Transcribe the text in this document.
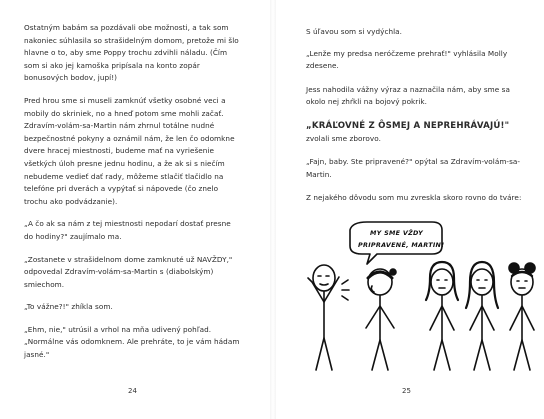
Ostatným babám sa pozdávali obe možnosti, a tak som nakoniec súhlasila so strašidelným domom, pretože mi šlo hlavne o to, aby sme Poppy trochu zdvihli náladu. (Čím som si ako jej kamoška pripísala na konto zopár bonusových bodov, jupí!)

Pred hrou sme si museli zamknúť všetky osobné veci a mobily do skriniek, no a hneď potom sme mohli začať. Zdravím-volám-sa-Martin nám zhrnul totálne nudné bezpečnostné pokyny a oznámil nám, že len čo odomkne dvere hracej miestnosti, budeme mať na vyriešenie všetkých úloh presne jednu hodinu, a že ak si s niečím nebudeme vedieť dať rady, môžeme stlačiť tlačidlo na telefóne pri dverách a vypýtať si nápovede (čo znelo trochu ako podvádzanie).

„A čo ak sa nám z tej miestnosti nepodarí dostať presne do hodiny?" zaujímalo ma.

„Zostanete v strašidelnom dome zamknuté už NAVŽDY," odpovedal Zdravím-volám-sa-Martin s (diabolským) smiechom.

„To vážne?!" zhíkla som.

„Ehm, nie," utrúsil a vrhol na mňa udivený pohľad. „Normálne vás odomknem. Ale prehráte, to je vám hádam jasné."

24

S úľavou som si vydýchla.

„Lenže my predsa neróčzeme prehrať!" vyhlásila Molly zdesene.

Jess nahodila vážny výraz a naznačila nám, aby sme sa okolo nej zhŕkli na bojový pokrik.

„KRÁĽOVNÉ Z ÔSMEJ A NEPREHRÁVAJÚ!" zvolali sme zborovo.

„Fajn, baby. Ste pripravené?" opýtal sa Zdravím-volám-sa-Martin.

Z nejakého dôvodu som mu zvreskla skoro rovno do tváre:

MY SME VŽDY
PRIPRAVENÉ, MARTIN!
25
